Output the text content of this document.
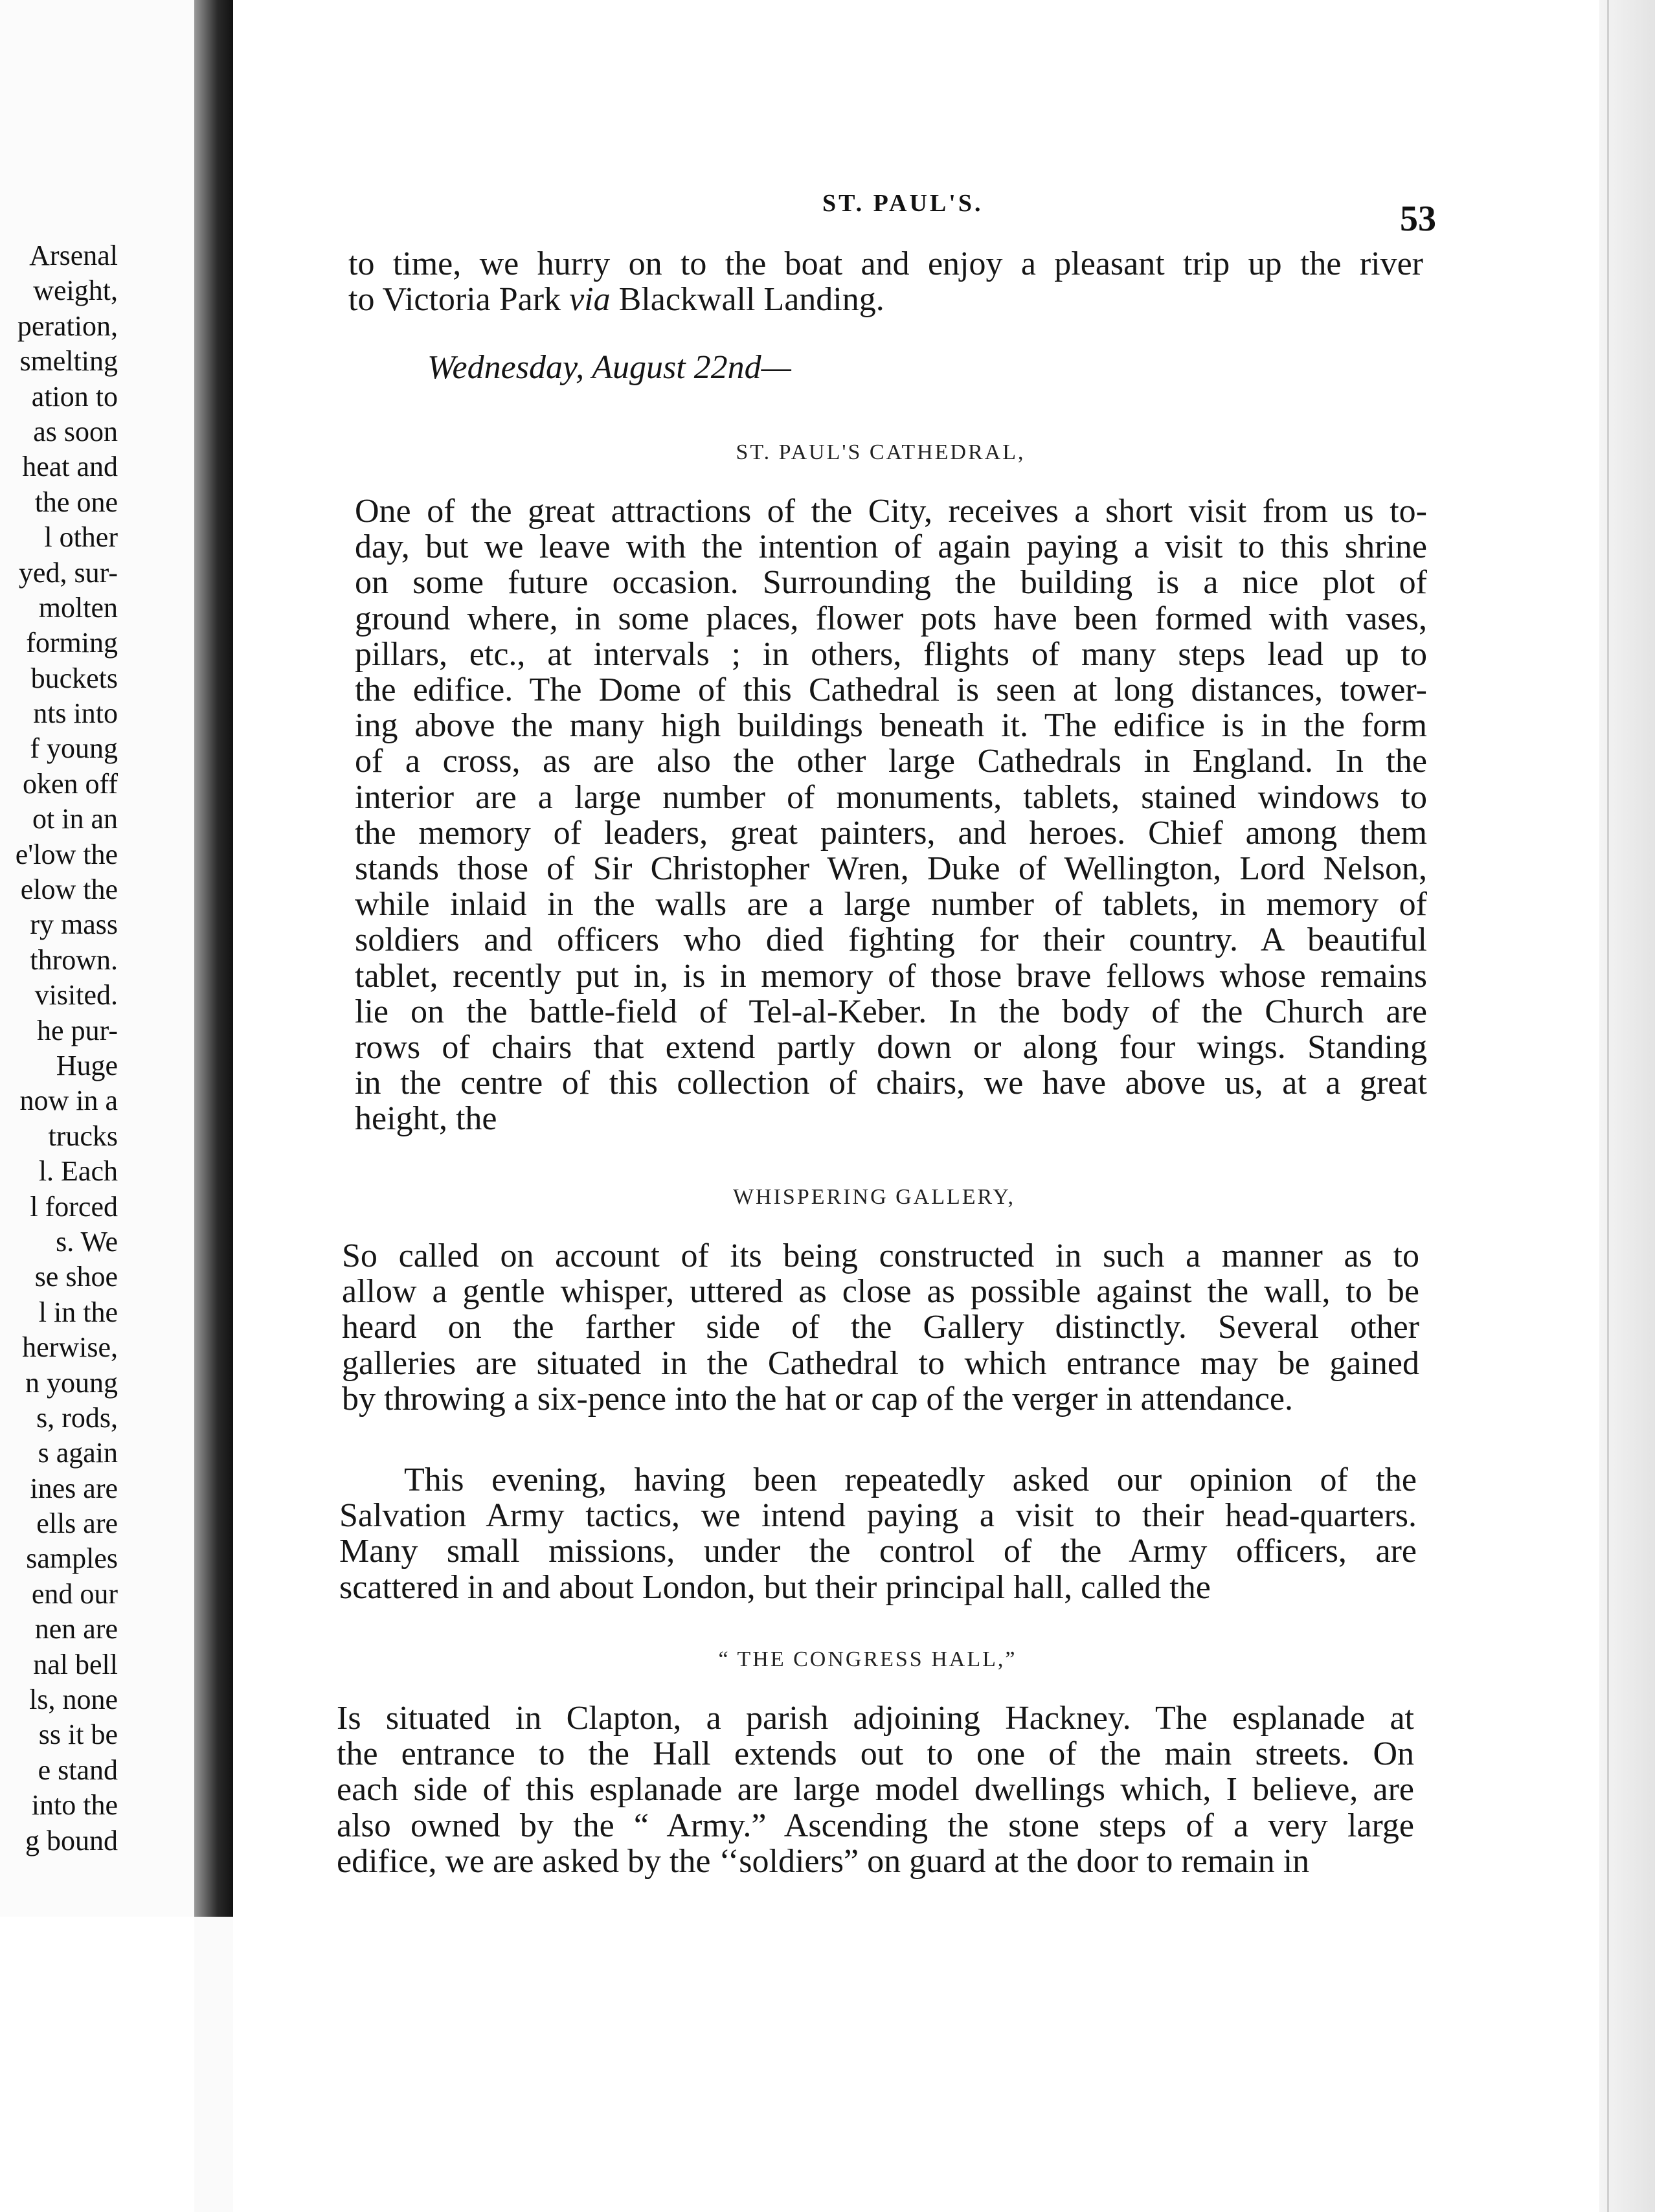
Arsenal
weight,
peration,
smelting
ation to
as soon
heat and
the one
l other
yed, sur-
molten
forming
buckets
nts into
f young
oken off
ot in an
e'low the
elow the
ry mass
thrown.
visited.
he pur-
Huge
now in a
trucks
l. Each
l forced
s. We
se shoe
l in the
herwise,
n young
s, rods,
s again
ines are
ells are
samples
end our
nen are
nal bell
ls, none
ss it be
e stand
into the
g bound
ST. PAUL'S.	53
to time, we hurry on to the boat and enjoy a pleasant trip up the river
to Victoria Park via Blackwall Landing.
Wednesday, August 22nd—
ST. PAUL'S CATHEDRAL,
One of the great attractions of the City, receives a short visit from us to-
day, but we leave with the intention of again paying a visit to this shrine
on some future occasion. Surrounding the building is a nice plot of
ground where, in some places, flower pots have been formed with vases,
pillars, etc., at intervals ; in others, flights of many steps lead up to
the edifice. The Dome of this Cathedral is seen at long distances, tower-
ing above the many high buildings beneath it. The edifice is in the form
of a cross, as are also the other large Cathedrals in England. In the
interior are a large number of monuments, tablets, stained windows to
the memory of leaders, great painters, and heroes. Chief among them
stands those of Sir Christopher Wren, Duke of Wellington, Lord Nelson,
while inlaid in the walls are a large number of tablets, in memory of
soldiers and officers who died fighting for their country. A beautiful
tablet, recently put in, is in memory of those brave fellows whose remains
lie on the battle-field of Tel-al-Keber. In the body of the Church are
rows of chairs that extend partly down or along four wings. Standing
in the centre of this collection of chairs, we have above us, at a great
height, the
WHISPERING GALLERY,
So called on account of its being constructed in such a manner as to
allow a gentle whisper, uttered as close as possible against the wall, to be
heard on the farther side of the Gallery distinctly. Several other
galleries are situated in the Cathedral to which entrance may be gained
by throwing a six-pence into the hat or cap of the verger in attendance.
This evening, having been repeatedly asked our opinion of the
Salvation Army tactics, we intend paying a visit to their head-quarters.
Many small missions, under the control of the Army officers, are
scattered in and about London, but their principal hall, called the
“ THE CONGRESS HALL,”
Is situated in Clapton, a parish adjoining Hackney. The esplanade at
the entrance to the Hall extends out to one of the main streets. On
each side of this esplanade are large model dwellings which, I believe, are
also owned by the “ Army.” Ascending the stone steps of a very large
edifice, we are asked by the ‘‘soldiers” on guard at the door to remain in
